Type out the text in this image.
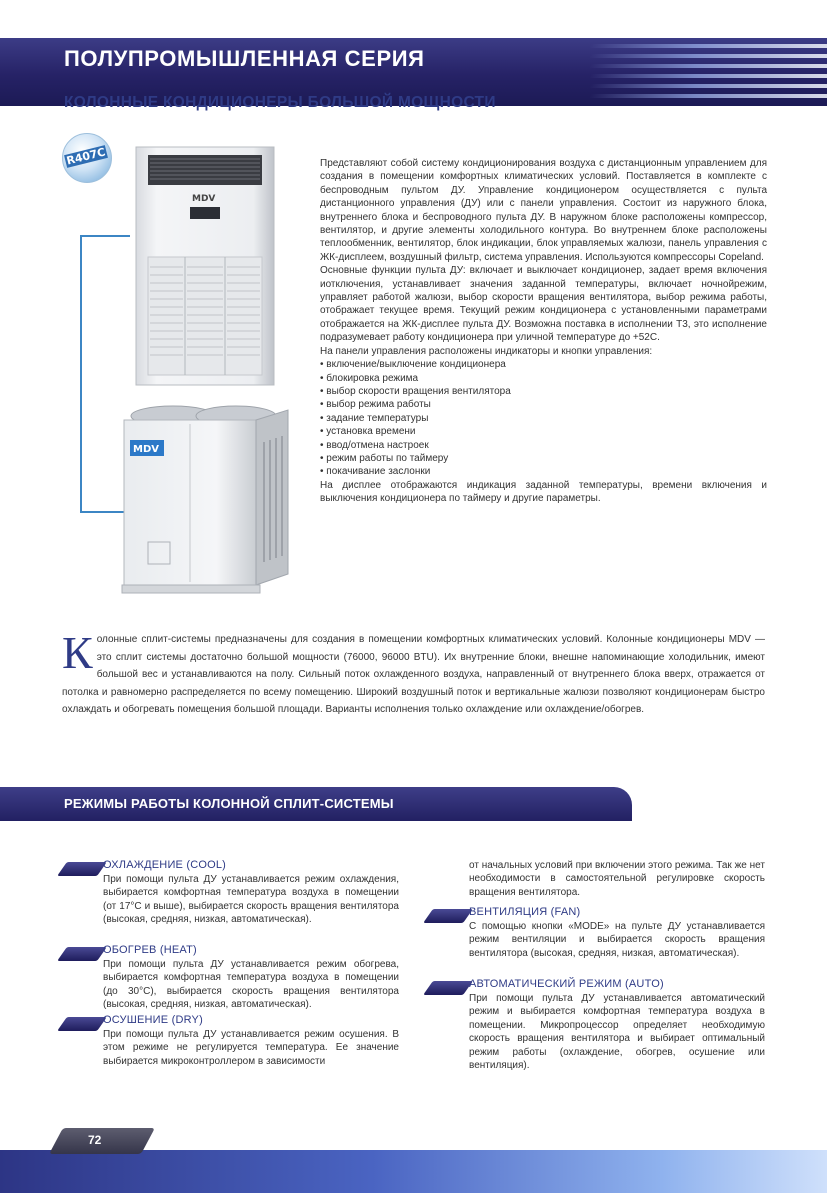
ПОЛУПРОМЫШЛЕННАЯ СЕРИЯ
КОЛОННЫЕ КОНДИЦИОНЕРЫ БОЛЬШОЙ МОЩНОСТИ
R407C
MDV
MDV

Представляют собой систему кондиционирования воздуха с дистанционным управлением для создания в помещении комфортных климатических условий. Поставляется в комплекте с беспроводным пультом ДУ. Управление кондиционером осуществляется с пульта дистанционного управления (ДУ) или с панели управления. Состоит из наружного блока, внутреннего блока и беспроводного пульта ДУ. В наружном блоке расположены компрессор, вентилятор, и другие элементы холодильного контура. Во внутреннем блоке расположены теплообменник, вентилятор, блок индикации, блок управляемых жалюзи, панель управления с ЖК-дисплеем, воздушный фильтр, система управления. Используются компрессоры Copeland.

Основные функции пульта ДУ: включает и выключает кондиционер, задает время включения иотключения, устанавливает значения заданной температуры, включает ночнойрежим, управляет работой жалюзи, выбор скорости вращения вентилятора, выбор режима работы, отображает текущее время. Текущий режим кондиционера с установленными параметрами отображается на ЖК-дисплее пульта ДУ. Возможна поставка в исполнении Т3, это исполнение подразумевает работу кондиционера при уличной температуре до +52С.

На панели управления расположены индикаторы и кнопки управления:

• включение/выключение кондиционера
• блокировка режима
• выбор скорости вращения вентилятора
• выбор режима работы
• задание температуры
• установка времени
• ввод/отмена настроек
• режим работы по таймеру
• покачивание заслонки

На дисплее отображаются индикация заданной температуры, времени включения и выключения кондиционера по таймеру и другие параметры.

К олонные сплит-системы предназначены для создания в помещении комфортных климатических условий. Колонные кондиционеры MDV — это сплит системы достаточно большой мощности (76000, 96000 BTU). Их внутренние блоки, внешне напоминающие холодильник, имеют большой вес и устанавливаются на полу. Сильный поток охлажденного воздуха, направленный от внутреннего блока вверх, отражается от потолка и равномерно распределяется по всему помещению. Широкий воздушный поток и вертикальные жалюзи позволяют кондиционерам быстро охлаждать и обогревать помещения большой площади. Варианты исполнения только охлаждение или охлаждение/обогрев.
РЕЖИМЫ РАБОТЫ КОЛОННОЙ СПЛИТ-СИСТЕМЫ
ОХЛАЖДЕНИЕ (COOL)
При помощи пульта ДУ устанавливается режим охлаждения, выбирается комфортная температура воздуха в помещении (от 17°С и выше), выбирается скорость вращения вентилятора (высокая, средняя, низкая, автоматическая).
ОБОГРЕВ (HEAT)
При помощи пульта ДУ устанавливается режим обогрева, выбирается комфортная температура воздуха в помещении (до 30°С), выбирается скорость вращения вентилятора (высокая, средняя, низкая, автоматическая).
ОСУШЕНИЕ (DRY)
При помощи пульта ДУ устанавливается режим осушения. В этом режиме не регулируется температура. Ее значение выбирается микроконтроллером в зависимости
от начальных условий при включении этого режима. Так же нет необходимости в самостоятельной регулировке скорость вращения вентилятора.
ВЕНТИЛЯЦИЯ (FAN)
С помощью кнопки «MODE» на пульте ДУ устанавливается режим вентиляции и выбирается скорость вращения вентилятора (высокая, средняя, низкая, автоматическая).
АВТОМАТИЧЕСКИЙ РЕЖИМ (AUTO)
При помощи пульта ДУ устанавливается автоматический режим и выбирается комфортная температура воздуха в помещении. Микропроцессор определяет необходимую скорость вращения вентилятора и выбирает оптимальный режим работы (охлаждение, обогрев, осушение или вентиляция).
72
